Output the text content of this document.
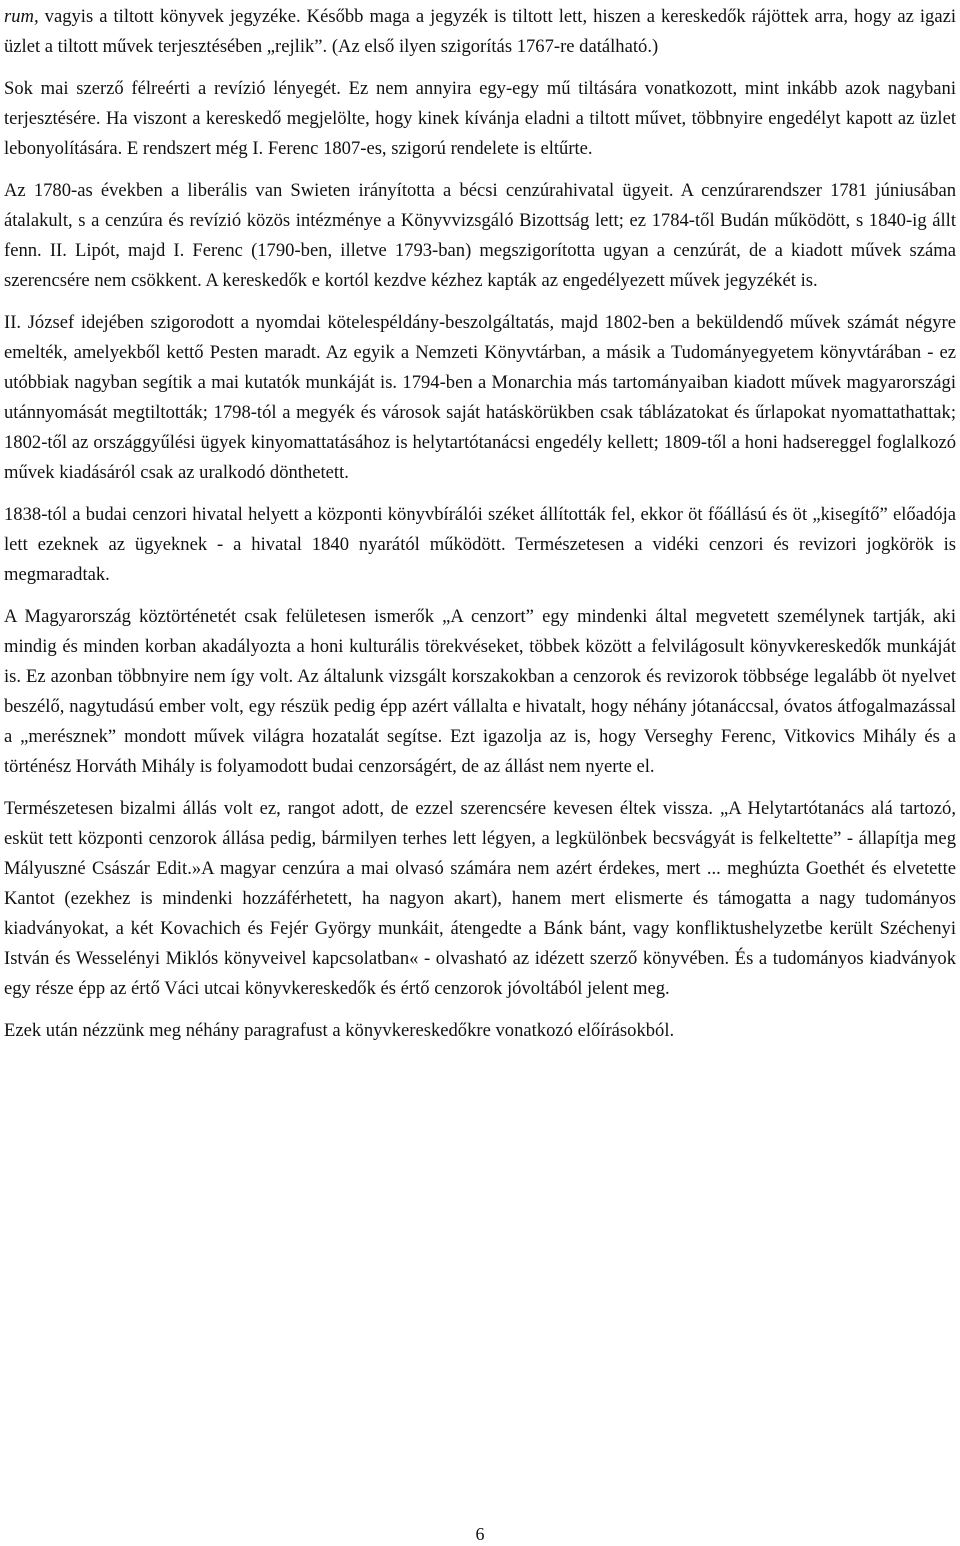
rum, vagyis a tiltott könyvek jegyzéke. Később maga a jegyzék is tiltott lett, hiszen a kereskedők rájöttek arra, hogy az igazi üzlet a tiltott művek terjesztésében „rejlik”. (Az első ilyen szigorítás 1767-re datálható.)

Sok mai szerző félreérti a revízió lényegét. Ez nem annyira egy-egy mű tiltására vonatkozott, mint inkább azok nagybani terjesztésére. Ha viszont a kereskedő megjelölte, hogy kinek kívánja eladni a tiltott művet, többnyire engedélyt kapott az üzlet lebonyolítására. E rendszert még I. Ferenc 1807-es, szigorú rendelete is eltűrte.

Az 1780-as években a liberális van Swieten irányította a bécsi cenzúrahivatal ügyeit. A cenzúrarendszer 1781 júniusában átalakult, s a cenzúra és revízió közös intézménye a Könyvvizsgáló Bizottság lett; ez 1784-től Budán működött, s 1840-ig állt fenn. II. Lipót, majd I. Ferenc (1790-ben, illetve 1793-ban) megszigorította ugyan a cenzúrát, de a kiadott művek száma szerencsére nem csökkent. A kereskedők e kortól kezdve kézhez kapták az engedélyezett művek jegyzékét is.

II. József idejében szigorodott a nyomdai kötelespéldány-beszolgáltatás, majd 1802-ben a beküldendő művek számát négyre emelték, amelyekből kettő Pesten maradt. Az egyik a Nemzeti Könyvtárban, a másik a Tudományegyetem könyvtárában - ez utóbbiak nagyban segítik a mai kutatók munkáját is. 1794-ben a Monarchia más tartományaiban kiadott művek magyarországi utánnyomását megtiltották; 1798-tól a megyék és városok saját hatáskörükben csak táblázatokat és űrlapokat nyomattathattak; 1802-től az országgyűlési ügyek kinyomattatásához is helytartótanácsi engedély kellett; 1809-től a honi hadsereggel foglalkozó művek kiadásáról csak az uralkodó dönthetett.

1838-tól a budai cenzori hivatal helyett a központi könyvbírálói széket állították fel, ekkor öt főállású és öt „kisegítő” előadója lett ezeknek az ügyeknek - a hivatal 1840 nyarától működött. Természetesen a vidéki cenzori és revizori jogkörök is megmaradtak.

A Magyarország köztörténetét csak felületesen ismerők „A cenzort” egy mindenki által megvetett személynek tartják, aki mindig és minden korban akadályozta a honi kulturális törekvéseket, többek között a felvilágosult könyvkereskedők munkáját is. Ez azonban többnyire nem így volt. Az általunk vizsgált korszakokban a cenzorok és revizorok többsége legalább öt nyelvet beszélő, nagytudású ember volt, egy részük pedig épp azért vállalta e hivatalt, hogy néhány jótanáccsal, óvatos átfogalmazással a „merésznek” mondott művek világra hozatalát segítse. Ezt igazolja az is, hogy Verseghy Ferenc, Vitkovics Mihály és a történész Horváth Mihály is folyamodott budai cenzorságért, de az állást nem nyerte el.

Természetesen bizalmi állás volt ez, rangot adott, de ezzel szerencsére kevesen éltek vissza. „A Helytartótanács alá tartozó, esküt tett központi cenzorok állása pedig, bármilyen terhes lett légyen, a legkülönbek becsvágyát is felkeltette” - állapítja meg Mályuszné Császár Edit.»A magyar cenzúra a mai olvasó számára nem azért érdekes, mert ... meghúzta Goethét és elvetette Kantot (ezekhez is mindenki hozzáférhetett, ha nagyon akart), hanem mert elismerte és támogatta a nagy tudományos kiadványokat, a két Kovachich és Fejér György munkáit, átengedte a Bánk bánt, vagy konfliktushelyzetbe került Széchenyi István és Wesselényi Miklós könyveivel kapcsolatban« - olvasható az idézett szerző könyvében. És a tudományos kiadványok egy része épp az értő Váci utcai könyvkereskedők és értő cenzorok jóvoltából jelent meg.

Ezek után nézzünk meg néhány paragrafust a könyvkereskedőkre vonatkozó előírásokból.

6
